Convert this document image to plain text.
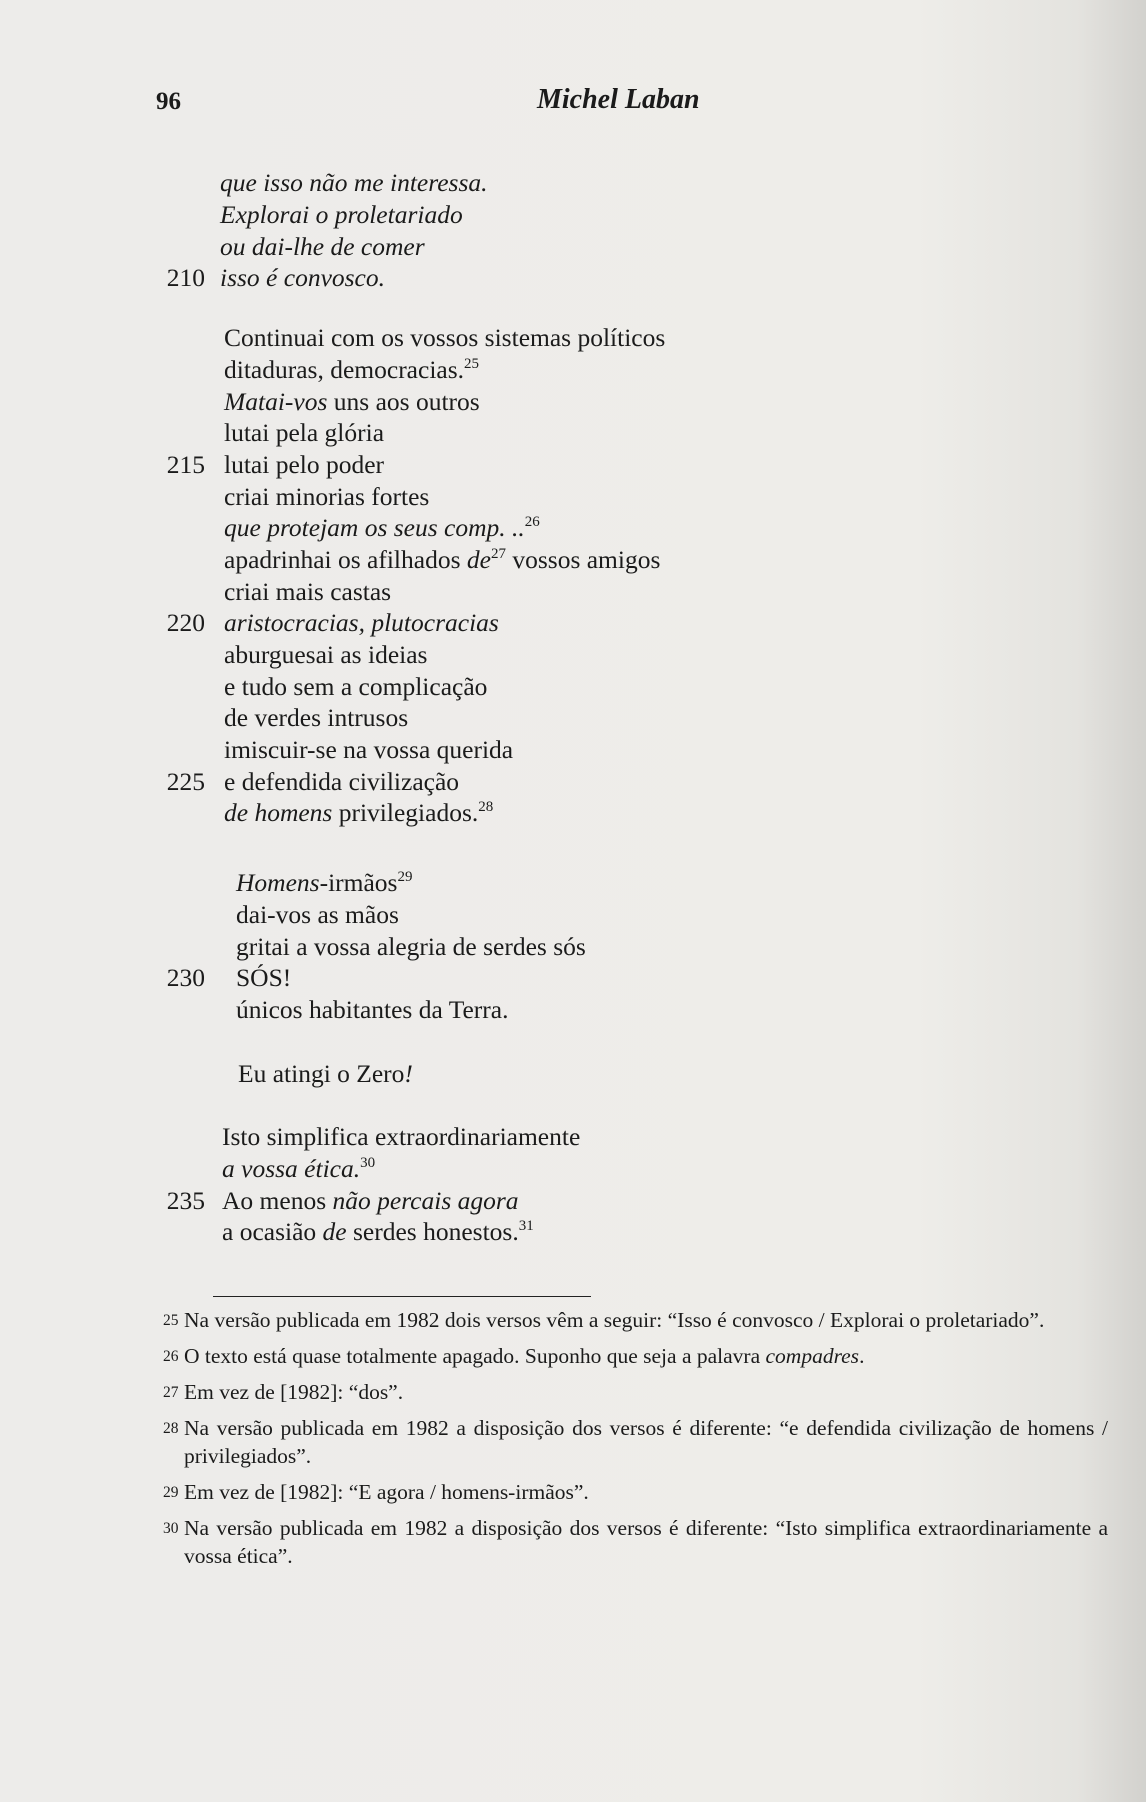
96	Michel Laban
que isso não me interessa.
Explorai o proletariado
ou dai-lhe de comer
210 isso é convosco.
Continuai com os vossos sistemas políticos
ditaduras, democracias.$^{25}$
Matai-vos uns aos outros
lutai pela glória
215 lutai pelo poder
criai minorias fortes
que protejam os seus comp. ..$^{26}$
apadrinhai os afilhados $de^{27}$ vossos amigos
criai mais castas
220 aristocracias, plutocracias
aburguesai as ideias
e tudo sem a complicação
de verdes intrusos
imiscuir-se na vossa querida
225 e defendida civilização
de homens privilegiados.$^{28}$
Homens-irmãos$^{29}$
dai-vos as mãos
gritai a vossa alegria de serdes sós
230 SÓS!
únicos habitantes da Terra.
Eu atingi o Zero!
Isto simplifica extraordinariamente
a vossa ética.$^{30}$
235 Ao menos não percais agora
a ocasião de serdes honestos.$^{31}$
25 Na versão publicada em 1982 dois versos vêm a seguir: “Isso é convosco / Explorai o proletariado”.
26 O texto está quase totalmente apagado. Suponho que seja a palavra compadres.
27 Em vez de [1982]: “dos”.
28 Na versão publicada em 1982 a disposição dos versos é diferente: “e defendida civilização de homens / privilegiados”.
29 Em vez de [1982]: “E agora / homens-irmãos”.
30 Na versão publicada em 1982 a disposição dos versos é diferente: “Isto simplifica extraordinariamente a vossa ética”.
